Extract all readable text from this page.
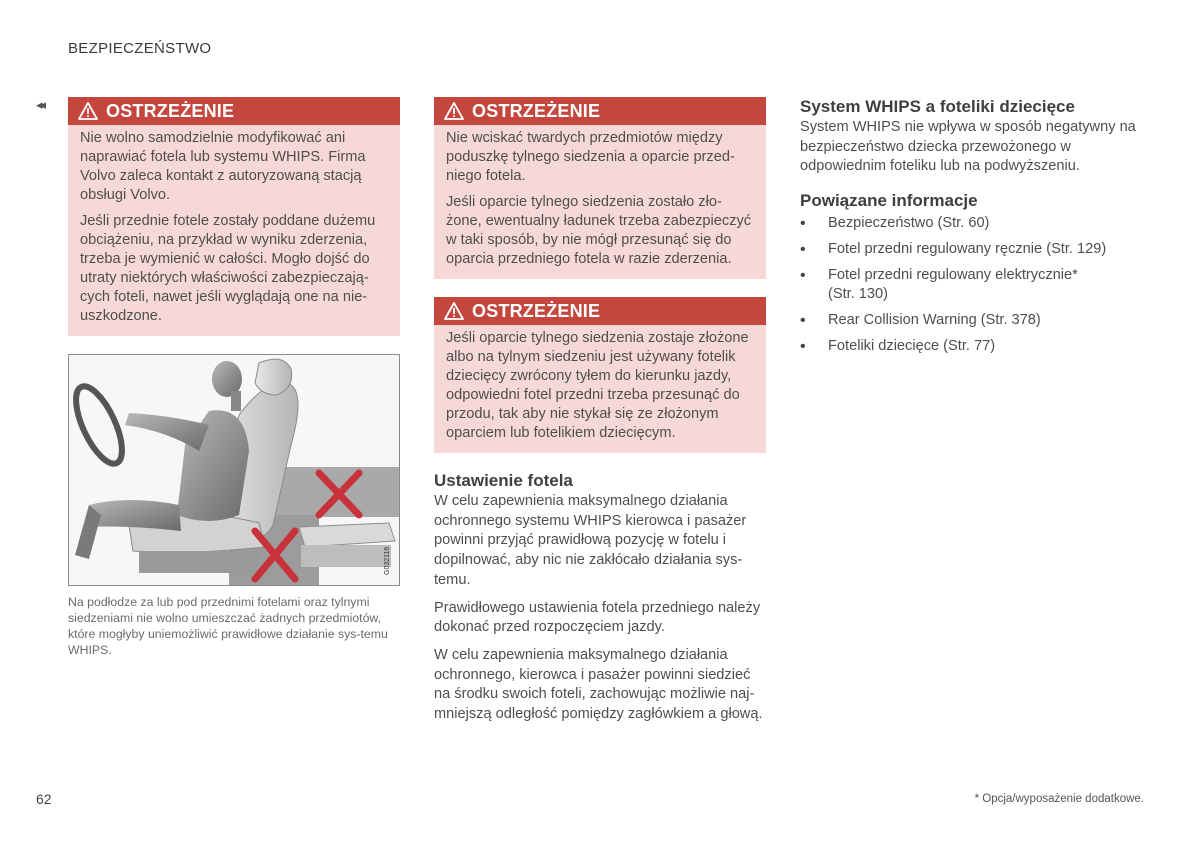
BEZPIECZEŃSTWO
◂◂	OSTRZEŻENIE

Nie wolno samodzielnie modyfikować ani naprawiać fotela lub systemu WHIPS. Firma Volvo zaleca kontakt z autoryzowaną stacją obsługi Volvo.

Jeśli przednie fotele zostały poddane dużemu obciążeniu, na przykład w wyniku zderzenia, trzeba je wymienić w całości. Mogło dojść do utraty niektórych właściwości zabezpieczają-cych foteli, nawet jeśli wyglądają one na nie-uszkodzone.

G032116
Na podłodze za lub pod przednimi fotelami oraz tylnymi siedzeniami nie wolno umieszczać żadnych przedmiotów, które mogłyby uniemożliwić prawidłowe działanie sys-temu WHIPS.
OSTRZEŻENIE

Nie wciskać twardych przedmiotów między poduszkę tylnego siedzenia a oparcie przed-niego fotela.

Jeśli oparcie tylnego siedzenia zostało zło-żone, ewentualny ładunek trzeba zabezpieczyć w taki sposób, by nie mógł przesunąć się do oparcia przedniego fotela w razie zderzenia.

OSTRZEŻENIE

Jeśli oparcie tylnego siedzenia zostaje złożone albo na tylnym siedzeniu jest używany fotelik dziecięcy zwrócony tyłem do kierunku jazdy, odpowiedni fotel przedni trzeba przesunąć do przodu, tak aby nie stykał się ze złożonym oparciem lub fotelikiem dziecięcym.

Ustawienie fotela

W celu zapewnienia maksymalnego działania ochronnego systemu WHIPS kierowca i pasażer powinni przyjąć prawidłową pozycję w fotelu i dopilnować, aby nic nie zakłócało działania sys-temu.

Prawidłowego ustawienia fotela przedniego należy dokonać przed rozpoczęciem jazdy.

W celu zapewnienia maksymalnego działania ochronnego, kierowca i pasażer powinni siedzieć na środku swoich foteli, zachowując możliwie naj-mniejszą odległość pomiędzy zagłówkiem a głową.

System WHIPS a foteliki dziecięce

System WHIPS nie wpływa w sposób negatywny na bezpieczeństwo dziecka przewożonego w odpowiednim foteliku lub na podwyższeniu.

Powiązane informacje
• Bezpieczeństwo (Str. 60)
• Fotel przedni regulowany ręcznie (Str. 129)
• Fotel przedni regulowany elektrycznie* (Str. 130)
• Rear Collision Warning (Str. 378)
• Foteliki dziecięce (Str. 77)
62	* Opcja/wyposażenie dodatkowe.
